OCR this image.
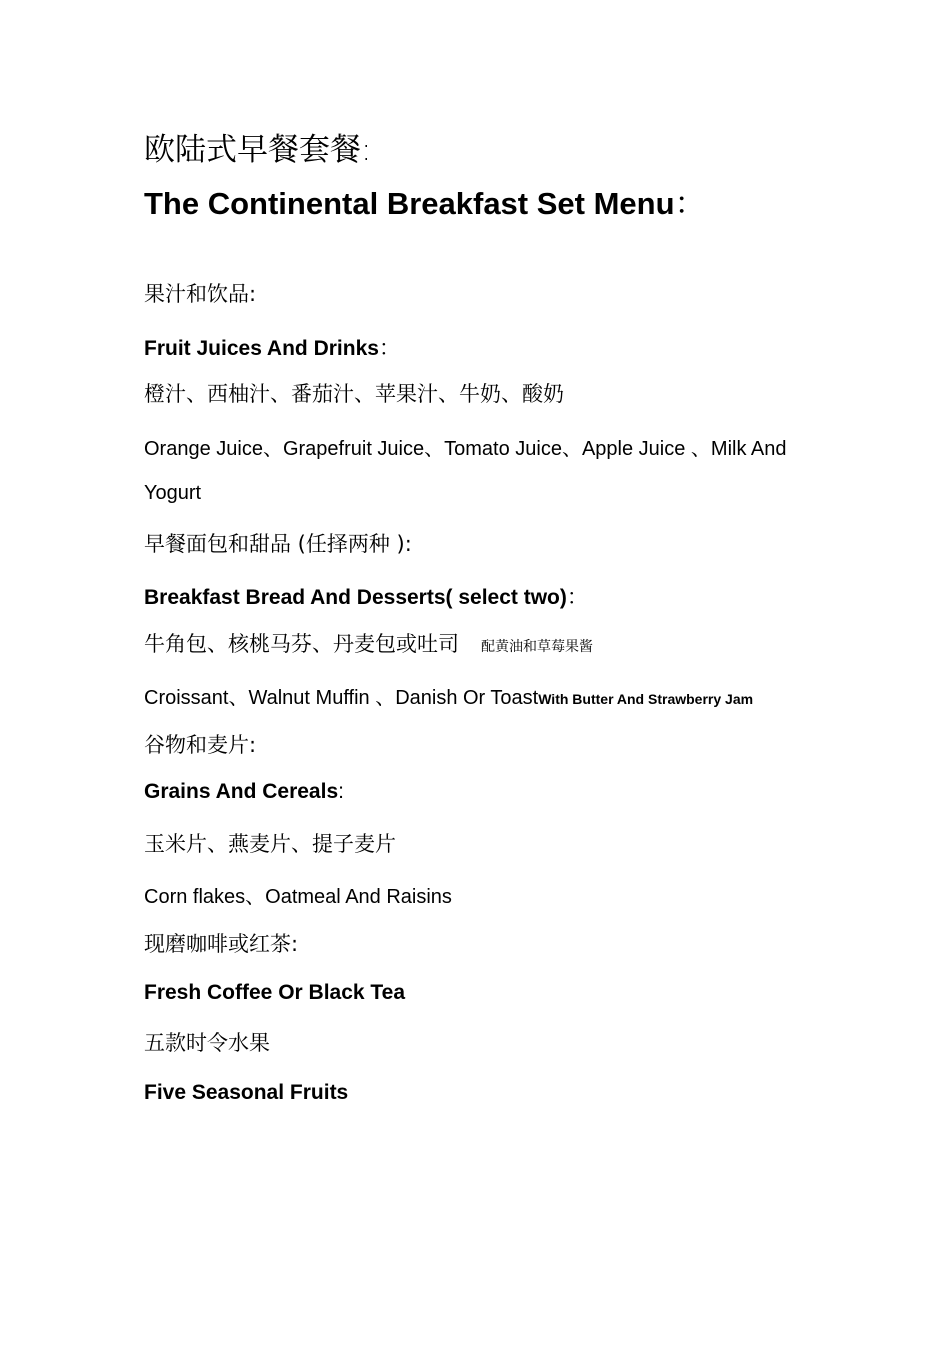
欧陆式早餐套餐:
The Continental Breakfast Set Menu：
果汁和饮品:
Fruit Juices And Drinks：
橙汁、西柚汁、番茄汁、苹果汁、牛奶、酸奶
Orange Juice、Grapefruit Juice、Tomato Juice、Apple Juice 、Milk And
Yogurt
早餐面包和甜品 (任择两种 ):
Breakfast Bread And Desserts( select two)：
牛角包、核桃马芬、丹麦包或吐司 配黄油和草莓果酱
Croissant、Walnut Muffin 、Danish Or ToastWith Butter And Strawberry Jam
谷物和麦片:
Grains And Cereals:
玉米片、燕麦片、提子麦片
Corn flakes、Oatmeal And Raisins
现磨咖啡或红茶:
Fresh Coffee Or Black Tea
五款时令水果
Five Seasonal Fruits
